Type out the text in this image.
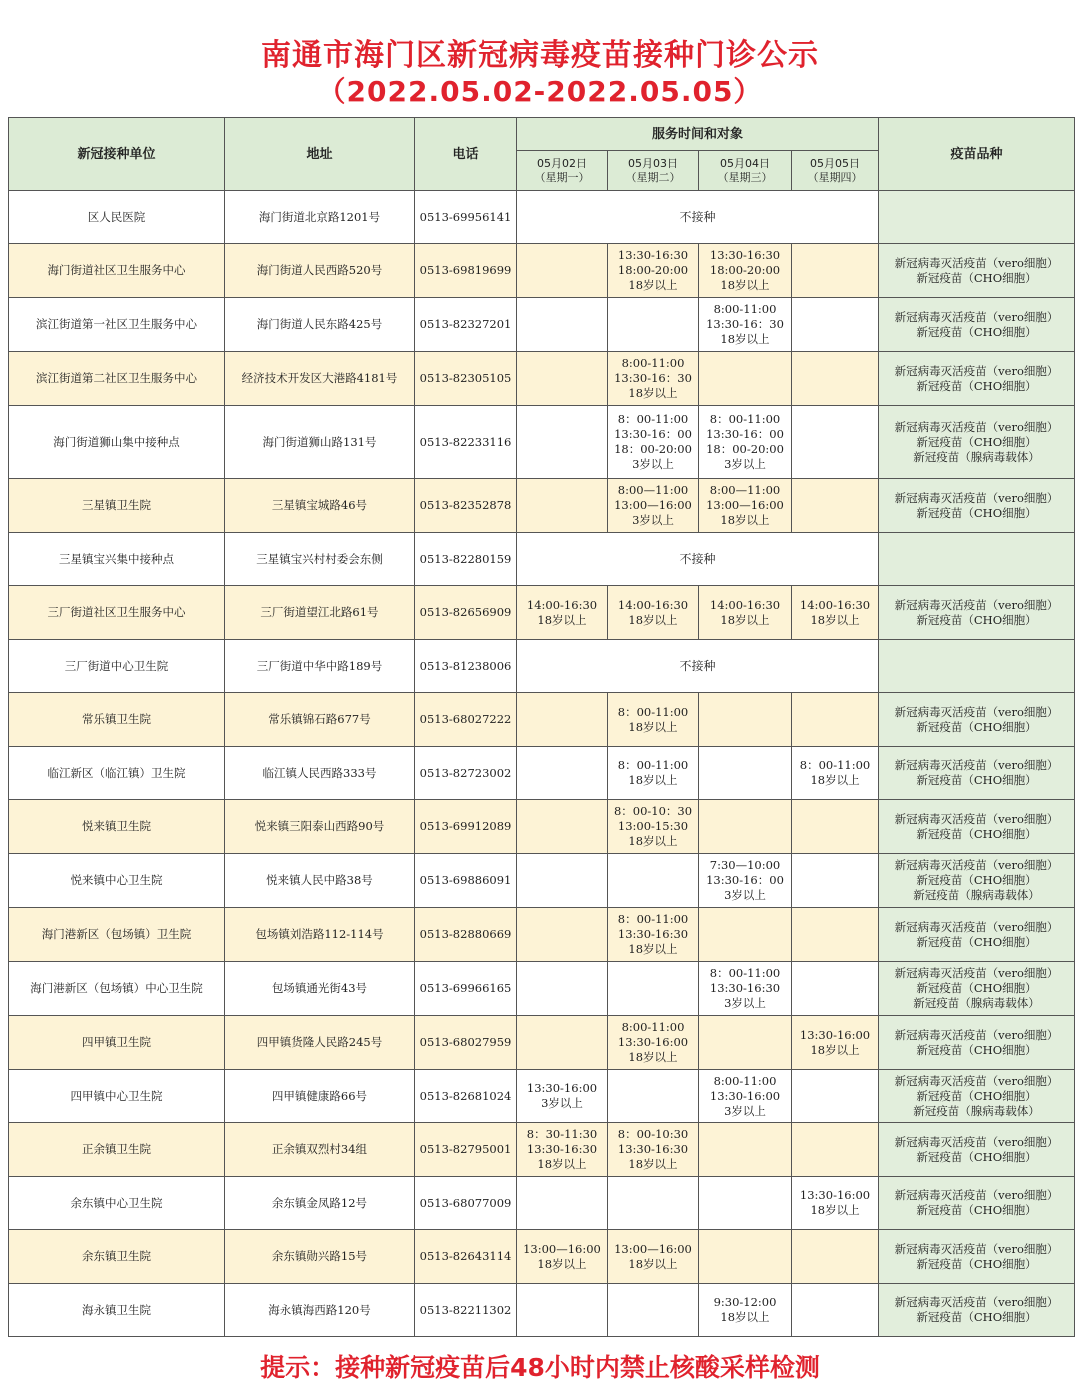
南通市海门区新冠病毒疫苗接种门诊公示
（2022.05.02-2022.05.05）
新冠接种单位	地址	电话	服务时间和对象				疫苗品种
			05月02日
（星期一）	05月03日
（星期二）	05月04日
（星期三）	05月05日
（星期四）	
区人民医院	海门街道北京路1201号	0513-69956141	不接种				
海门街道社区卫生服务中心	海门街道人民西路520号	0513-69819699		13:30-16:30
18:00-20:00
18岁以上	13:30-16:30
18:00-20:00
18岁以上		新冠病毒灭活疫苗（vero细胞）
新冠疫苗（CHO细胞）
滨江街道第一社区卫生服务中心	海门街道人民东路425号	0513-82327201			8:00-11:00
13:30-16：30
18岁以上		新冠病毒灭活疫苗（vero细胞）
新冠疫苗（CHO细胞）
滨江街道第二社区卫生服务中心	经济技术开发区大港路4181号	0513-82305105		8:00-11:00
13:30-16：30
18岁以上			新冠病毒灭活疫苗（vero细胞）
新冠疫苗（CHO细胞）
海门街道狮山集中接种点	海门街道狮山路131号	0513-82233116		8：00-11:00
13:30-16：00
18：00-20:00
3岁以上	8：00-11:00
13:30-16：00
18：00-20:00
3岁以上		新冠病毒灭活疫苗（vero细胞）
新冠疫苗（CHO细胞）
新冠疫苗（腺病毒载体）
三星镇卫生院	三星镇宝城路46号	0513-82352878		8:00—11:00
13:00—16:00
3岁以上	8:00—11:00
13:00—16:00
18岁以上		新冠病毒灭活疫苗（vero细胞）
新冠疫苗（CHO细胞）
三星镇宝兴集中接种点	三星镇宝兴村村委会东侧	0513-82280159	不接种				
三厂街道社区卫生服务中心	三厂街道望江北路61号	0513-82656909	14:00-16:30
18岁以上	14:00-16:30
18岁以上	14:00-16:30
18岁以上	14:00-16:30
18岁以上	新冠病毒灭活疫苗（vero细胞）
新冠疫苗（CHO细胞）
三厂街道中心卫生院	三厂街道中华中路189号	0513-81238006	不接种				
常乐镇卫生院	常乐镇锦石路677号	0513-68027222		8：00-11:00
18岁以上			新冠病毒灭活疫苗（vero细胞）
新冠疫苗（CHO细胞）
临江新区（临江镇）卫生院	临江镇人民西路333号	0513-82723002		8：00-11:00
18岁以上		8：00-11:00
18岁以上	新冠病毒灭活疫苗（vero细胞）
新冠疫苗（CHO细胞）
悦来镇卫生院	悦来镇三阳泰山西路90号	0513-69912089		8：00-10：30
13:00-15:30
18岁以上			新冠病毒灭活疫苗（vero细胞）
新冠疫苗（CHO细胞）
悦来镇中心卫生院	悦来镇人民中路38号	0513-69886091			7:30—10:00
13:30-16：00
3岁以上		新冠病毒灭活疫苗（vero细胞）
新冠疫苗（CHO细胞）
新冠疫苗（腺病毒载体）
海门港新区（包场镇）卫生院	包场镇刘浩路112-114号	0513-82880669		8：00-11:00
13:30-16:30
18岁以上			新冠病毒灭活疫苗（vero细胞）
新冠疫苗（CHO细胞）
海门港新区（包场镇）中心卫生院	包场镇通光街43号	0513-69966165			8：00-11:00
13:30-16:30
3岁以上		新冠病毒灭活疫苗（vero细胞）
新冠疫苗（CHO细胞）
新冠疫苗（腺病毒载体）
四甲镇卫生院	四甲镇货隆人民路245号	0513-68027959		8:00-11:00
13:30-16:00
18岁以上		13:30-16:00
18岁以上	新冠病毒灭活疫苗（vero细胞）
新冠疫苗（CHO细胞）
四甲镇中心卫生院	四甲镇健康路66号	0513-82681024	13:30-16:00
3岁以上		8:00-11:00
13:30-16:00
3岁以上		新冠病毒灭活疫苗（vero细胞）
新冠疫苗（CHO细胞）
新冠疫苗（腺病毒载体）
正余镇卫生院	正余镇双烈村34组	0513-82795001	8：30-11:30
13:30-16:30
18岁以上	8：00-10:30
13:30-16:30
18岁以上			新冠病毒灭活疫苗（vero细胞）
新冠疫苗（CHO细胞）
余东镇中心卫生院	余东镇金凤路12号	0513-68077009				13:30-16:00
18岁以上	新冠病毒灭活疫苗（vero细胞）
新冠疫苗（CHO细胞）
余东镇卫生院	余东镇勋兴路15号	0513-82643114	13:00—16:00
18岁以上	13:00—16:00
18岁以上			新冠病毒灭活疫苗（vero细胞）
新冠疫苗（CHO细胞）
海永镇卫生院	海永镇海西路120号	0513-82211302			9:30-12:00
18岁以上		新冠病毒灭活疫苗（vero细胞）
新冠疫苗（CHO细胞）
提示：接种新冠疫苗后48小时内禁止核酸采样检测
